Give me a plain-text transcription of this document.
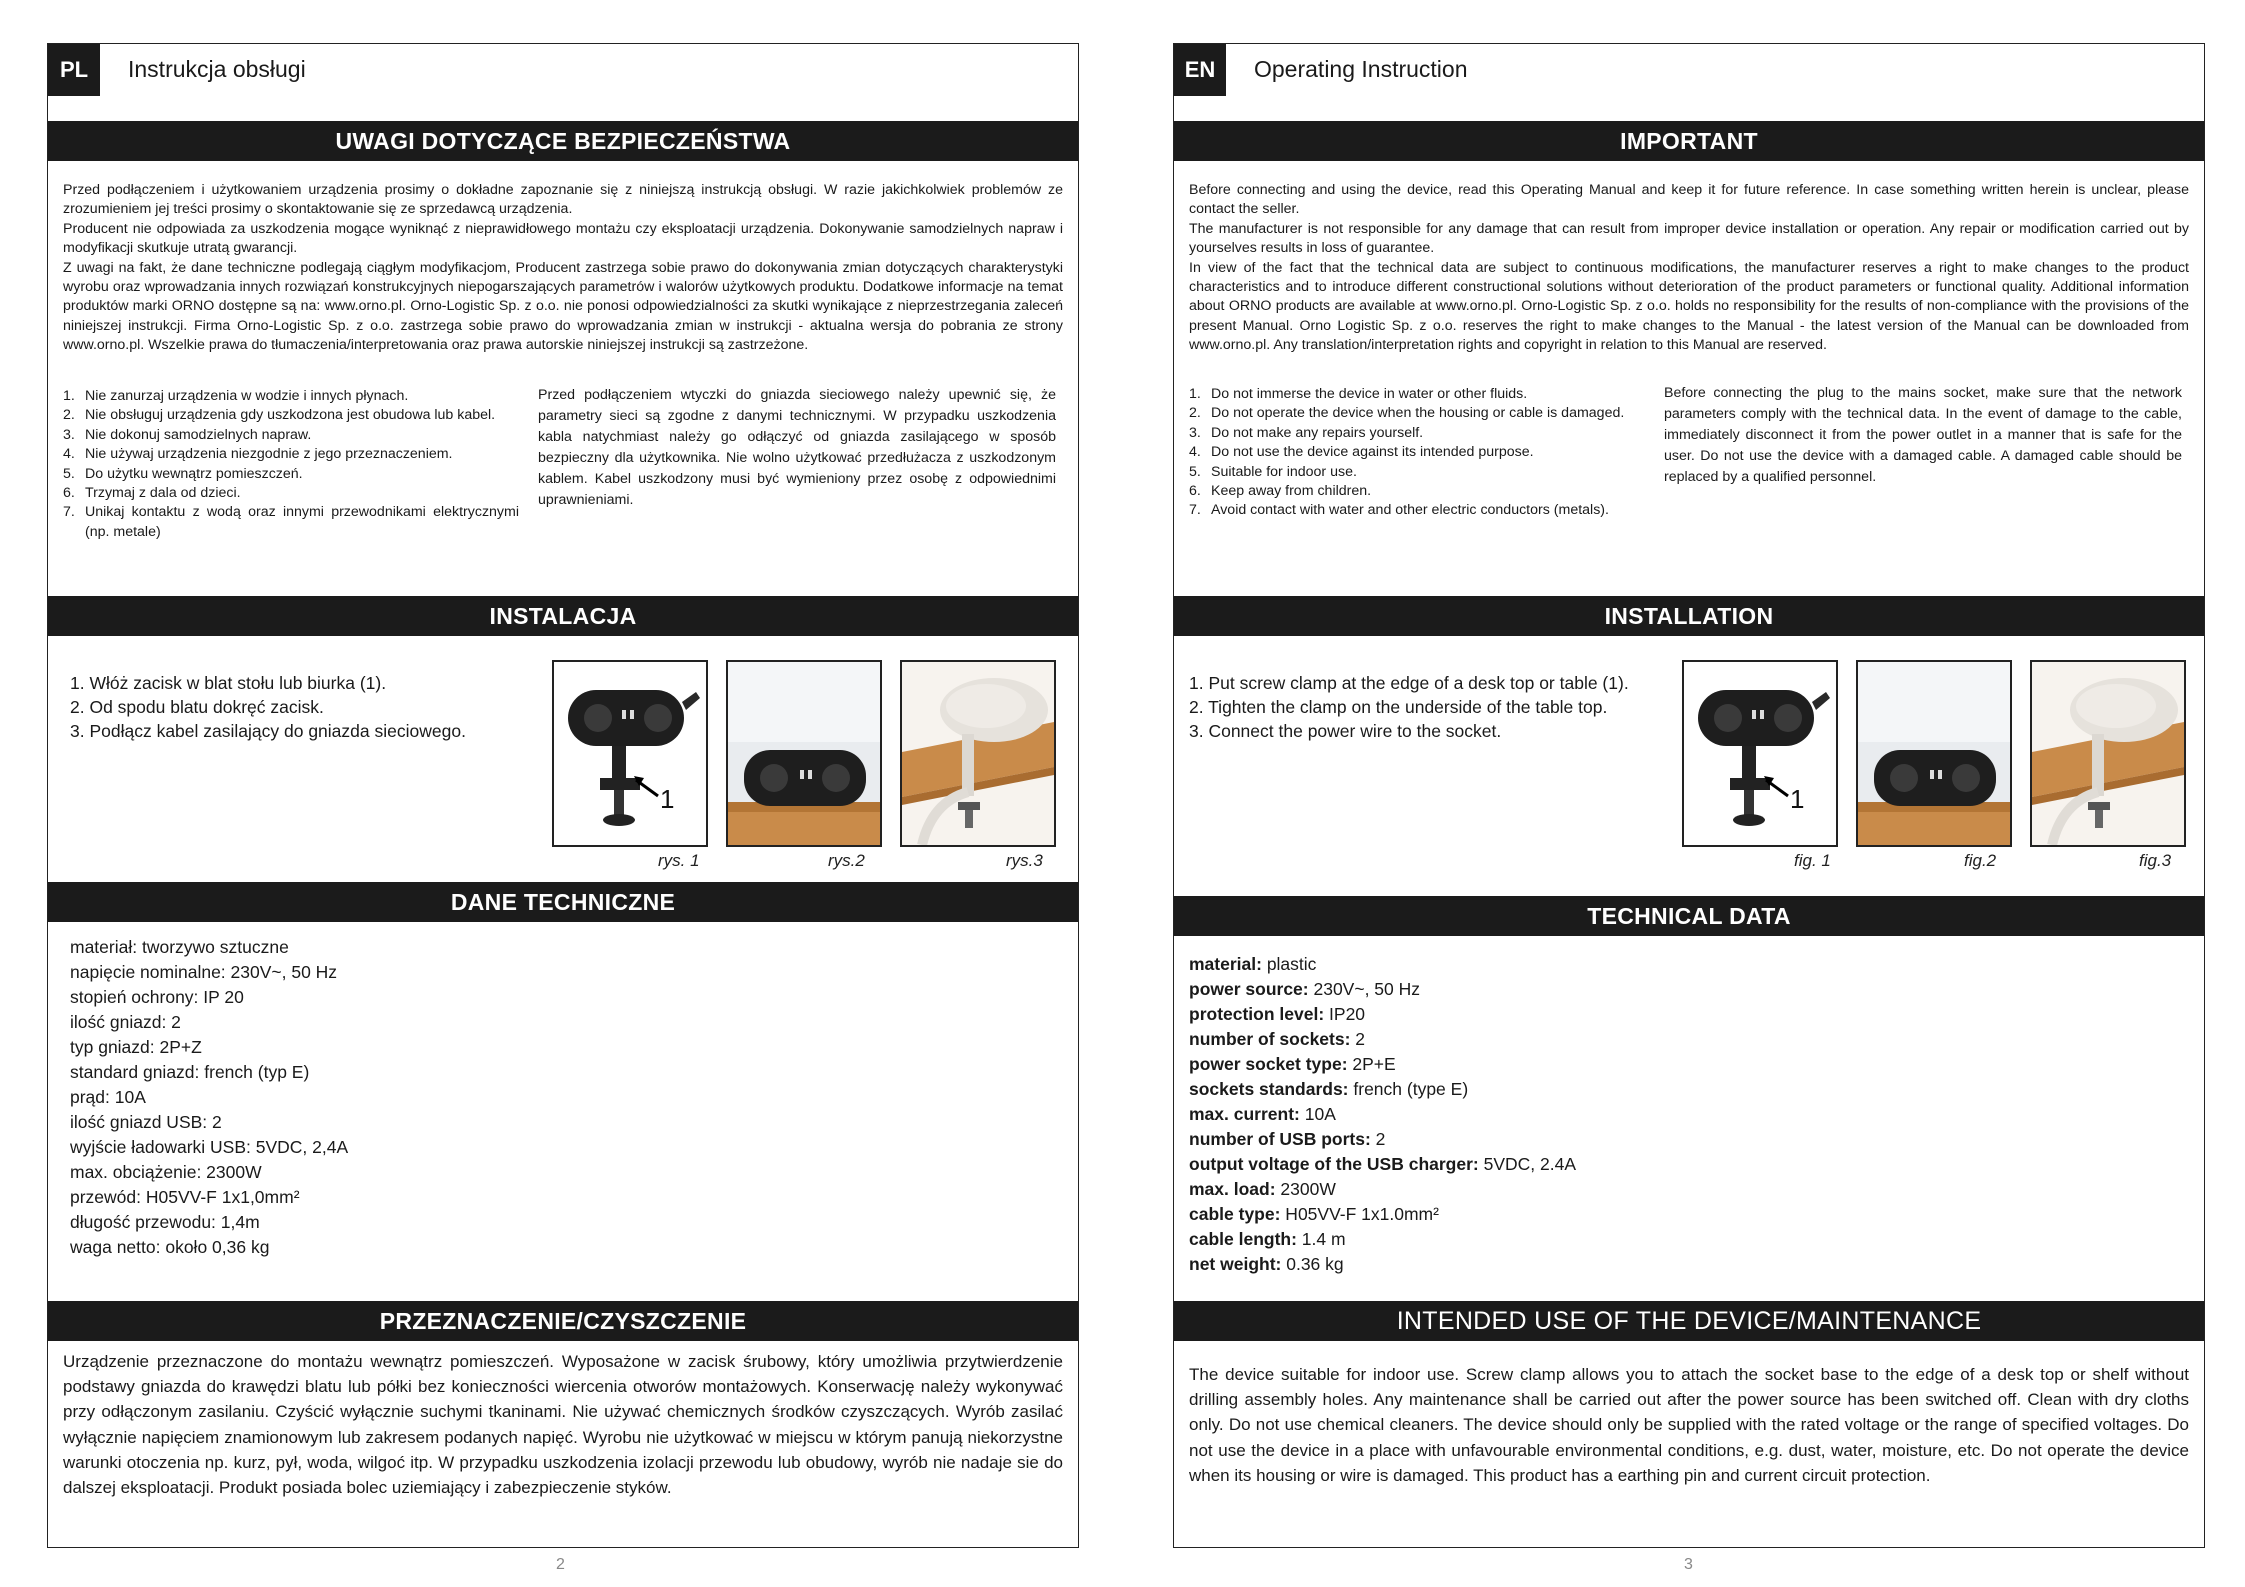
PL	Instrukcja obsługi
UWAGI DOTYCZĄCE BEZPIECZEŃSTWA

Przed podłączeniem i użytkowaniem urządzenia prosimy o dokładne zapoznanie się z niniejszą instrukcją obsługi. W razie jakichkolwiek problemów ze zrozumieniem jej treści prosimy o skontaktowanie się ze sprzedawcą urządzenia.

Producent nie odpowiada za uszkodzenia mogące wyniknąć z nieprawidłowego montażu czy eksploatacji urządzenia. Dokonywanie samodzielnych napraw i modyfikacji skutkuje utratą gwarancji.

Z uwagi na fakt, że dane techniczne podlegają ciągłym modyfikacjom, Producent zastrzega sobie prawo do dokonywania zmian dotyczących charakterystyki wyrobu oraz wprowadzania innych rozwiązań konstrukcyjnych niepogarszających parametrów i walorów użytkowych produktu. Dodatkowe informacje na temat produktów marki ORNO dostępne są na: www.orno.pl. Orno-Logistic Sp. z o.o. nie ponosi odpowiedzialności za skutki wynikające z nieprzestrzegania zaleceń niniejszej instrukcji. Firma Orno-Logistic Sp. z o.o. zastrzega sobie prawo do wprowadzania zmian w instrukcji - aktualna wersja do pobrania ze strony www.orno.pl. Wszelkie prawa do tłumaczenia/interpretowania oraz prawa autorskie niniejszej instrukcji są zastrzeżone.

1. Nie zanurzaj urządzenia w wodzie i innych płynach.
2. Nie obsługuj urządzenia gdy uszkodzona jest obudowa lub kabel.
3. Nie dokonuj samodzielnych napraw.
4. Nie używaj urządzenia niezgodnie z jego przeznaczeniem.
5. Do użytku wewnątrz pomieszczeń.
6. Trzymaj z dala od dzieci.
7. Unikaj kontaktu z wodą oraz innymi przewodnikami elektrycznymi (np. metale)
Przed podłączeniem wtyczki do gniazda sieciowego należy upewnić się, że parametry sieci są zgodne z danymi technicznymi. W przypadku uszkodzenia kabla natychmiast należy go odłączyć od gniazda zasilającego w sposób bezpieczny dla użytkownika. Nie wolno użytkować przedłużacza z uszkodzonym kablem. Kabel uszkodzony musi być wymieniony przez osobę z odpowiednimi uprawnieniami.
INSTALACJA
1. Włóż zacisk w blat stołu lub biurka (1).
2. Od spodu blatu dokręć zacisk.
3. Podłącz kabel zasilający do gniazda sieciowego.
1
rys. 1	rys.2	rys.3
DANE TECHNICZNE
materiał: tworzywo sztuczne
napięcie nominalne: 230V~, 50 Hz
stopień ochrony: IP 20
ilość gniazd: 2
typ gniazd: 2P+Z
standard gniazd: french (typ E)
prąd: 10A
ilość gniazd USB: 2
wyjście ładowarki USB: 5VDC, 2,4A
max. obciążenie: 2300W
przewód: H05VV-F 1x1,0mm²
długość przewodu: 1,4m
waga netto: około 0,36 kg
PRZEZNACZENIE/CZYSZCZENIE
Urządzenie przeznaczone do montażu wewnątrz pomieszczeń. Wyposażone w zacisk śrubowy, który umożliwia przytwierdzenie podstawy gniazda do krawędzi blatu lub półki bez konieczności wiercenia otworów montażowych. Konserwację należy wykonywać przy odłączonym zasilaniu. Czyścić wyłącznie suchymi tkaninami. Nie używać chemicznych środków czyszczących. Wyrób zasilać wyłącznie napięciem znamionowym lub zakresem podanych napięć. Wyrobu nie użytkować w miejscu w którym panują niekorzystne warunki otoczenia np. kurz, pył, woda, wilgoć itp. W przypadku uszkodzenia izolacji przewodu lub obudowy, wyrób nie nadaje sie do dalszej eksploatacji. Produkt posiada bolec uziemiający i zabezpieczenie styków.
2
EN	Operating Instruction
IMPORTANT

Before connecting and using the device, read this Operating Manual and keep it for future reference. In case something written herein is unclear, please contact the seller.

The manufacturer is not responsible for any damage that can result from improper device installation or operation. Any repair or modification carried out by yourselves results in loss of guarantee.

In view of the fact that the technical data are subject to continuous modifications, the manufacturer reserves a right to make changes to the product characteristics and to introduce different constructional solutions without deterioration of the product parameters or functional quality. Additional information about ORNO products are available at www.orno.pl. Orno-Logistic Sp. z o.o. holds no responsibility for the results of non-compliance with the provisions of the present Manual. Orno Logistic Sp. z o.o. reserves the right to make changes to the Manual - the latest version of the Manual can be downloaded from www.orno.pl. Any translation/interpretation rights and copyright in relation to this Manual are reserved.

1. Do not immerse the device in water or other fluids.
2. Do not operate the device when the housing or cable is damaged.
3. Do not make any repairs yourself.
4. Do not use the device against its intended purpose.
5. Suitable for indoor use.
6. Keep away from children.
7. Avoid contact with water and other electric conductors (metals).
Before connecting the plug to the mains socket, make sure that the network parameters comply with the technical data. In the event of damage to the cable, immediately disconnect it from the power outlet in a manner that is safe for the user. Do not use the device with a damaged cable. A damaged cable should be replaced by a qualified personnel.
INSTALLATION
1. Put screw clamp at the edge of a desk top or table (1).
2. Tighten the clamp on the underside of the table top.
3. Connect the power wire to the socket.
1
fig. 1	fig.2	fig.3
TECHNICAL DATA
material: plastic
power source: 230V~, 50 Hz
protection level: IP20
number of sockets: 2
power socket type: 2P+E
sockets standards: french (type E)
max. current: 10A
number of USB ports: 2
output voltage of the USB charger: 5VDC, 2.4A
max. load: 2300W
cable type: H05VV-F 1x1.0mm²
cable length: 1.4 m
net weight: 0.36 kg
INTENDED USE OF THE DEVICE/MAINTENANCE
The device suitable for indoor use. Screw clamp allows you to attach the socket base to the edge of a desk top or shelf without drilling assembly holes. Any maintenance shall be carried out after the power source has been switched off. Clean with dry cloths only. Do not use chemical cleaners. The device should only be supplied with the rated voltage or the range of specified voltages. Do not use the device in a place with unfavourable environmental conditions, e.g. dust, water, moisture, etc. Do not operate the device when its housing or wire is damaged. This product has a earthing pin and current circuit protection.
3
